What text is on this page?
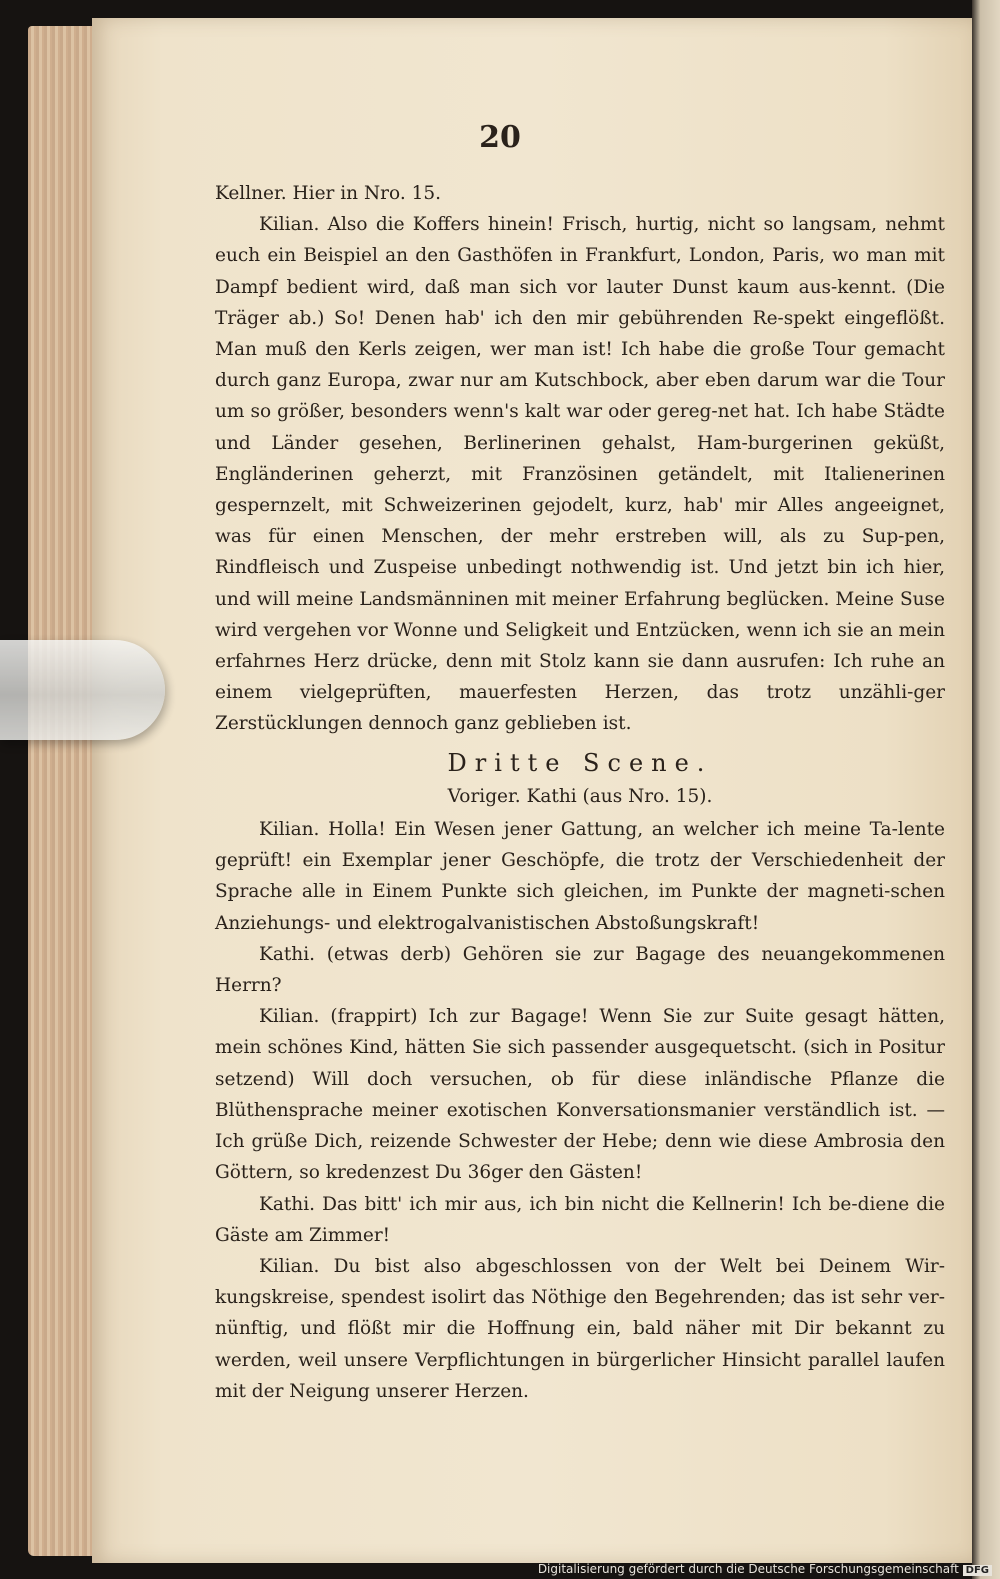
20

Kellner. Hier in Nro. 15.

Kilian. Also die Koffers hinein! Frisch, hurtig, nicht so langsam, nehmt euch ein Beispiel an den Gasthöfen in Frankfurt, London, Paris, wo man mit Dampf bedient wird, daß man sich vor lauter Dunst kaum aus-kennt. (Die Träger ab.) So! Denen hab' ich den mir gebührenden Re-spekt eingeflößt. Man muß den Kerls zeigen, wer man ist! Ich habe die große Tour gemacht durch ganz Europa, zwar nur am Kutschbock, aber eben darum war die Tour um so größer, besonders wenn's kalt war oder gereg-net hat. Ich habe Städte und Länder gesehen, Berlinerinen gehalst, Ham-burgerinen geküßt, Engländerinen geherzt, mit Französinen getändelt, mit Italienerinen gespernzelt, mit Schweizerinen gejodelt, kurz, hab' mir Alles angeeignet, was für einen Menschen, der mehr erstreben will, als zu Sup-pen, Rindfleisch und Zuspeise unbedingt nothwendig ist. Und jetzt bin ich hier, und will meine Landsmänninen mit meiner Erfahrung beglücken. Meine Suse wird vergehen vor Wonne und Seligkeit und Entzücken, wenn ich sie an mein erfahrnes Herz drücke, denn mit Stolz kann sie dann ausrufen: Ich ruhe an einem vielgeprüften, mauerfesten Herzen, das trotz unzähli-ger Zerstücklungen dennoch ganz geblieben ist.

Dritte Scene.
Voriger. Kathi (aus Nro. 15).

Kilian. Holla! Ein Wesen jener Gattung, an welcher ich meine Ta-lente geprüft! ein Exemplar jener Geschöpfe, die trotz der Verschiedenheit der Sprache alle in Einem Punkte sich gleichen, im Punkte der magneti-schen Anziehungs- und elektrogalvanistischen Abstoßungskraft!

Kathi. (etwas derb) Gehören sie zur Bagage des neuangekommenen Herrn?

Kilian. (frappirt) Ich zur Bagage! Wenn Sie zur Suite gesagt hätten, mein schönes Kind, hätten Sie sich passender ausgequetscht. (sich in Positur setzend) Will doch versuchen, ob für diese inländische Pflanze die Blüthensprache meiner exotischen Konversationsmanier verständlich ist. — Ich grüße Dich, reizende Schwester der Hebe; denn wie diese Ambrosia den Göttern, so kredenzest Du 36ger den Gästen!

Kathi. Das bitt' ich mir aus, ich bin nicht die Kellnerin! Ich be-diene die Gäste am Zimmer!

Kilian. Du bist also abgeschlossen von der Welt bei Deinem Wir-kungskreise, spendest isolirt das Nöthige den Begehrenden; das ist sehr ver-nünftig, und flößt mir die Hoffnung ein, bald näher mit Dir bekannt zu werden, weil unsere Verpflichtungen in bürgerlicher Hinsicht parallel laufen mit der Neigung unserer Herzen.

Digitalisierung gefördert durch die Deutsche Forschungsgemeinschaft DFG
